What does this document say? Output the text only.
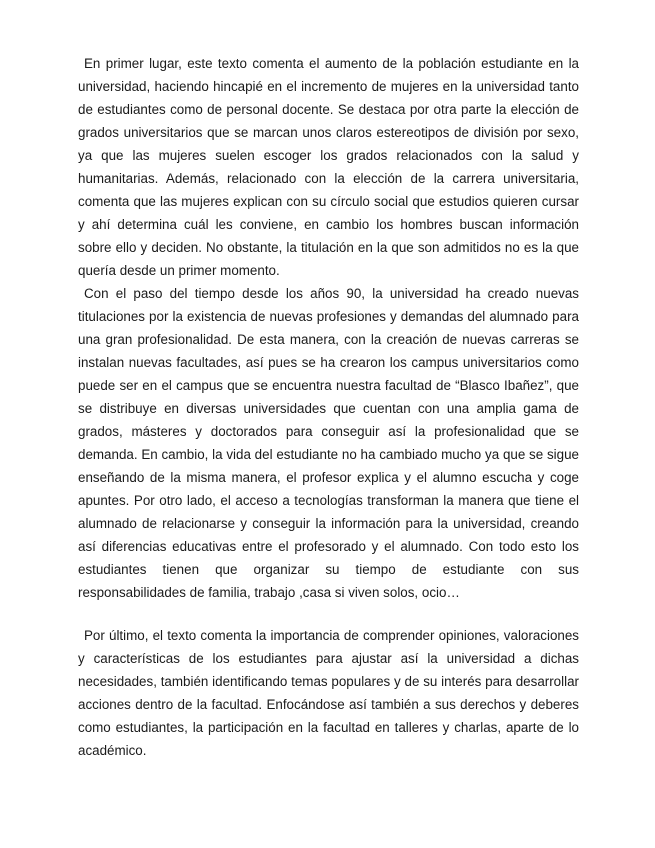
En primer lugar, este texto comenta el aumento de la población estudiante en la universidad, haciendo hincapié en el incremento de mujeres en la universidad tanto de estudiantes como de personal docente. Se destaca por otra parte la elección de grados universitarios que se marcan unos claros estereotipos de división por sexo, ya que las mujeres suelen escoger los grados relacionados con la salud y humanitarias. Además, relacionado con la elección de la carrera universitaria, comenta que las mujeres explican con su círculo social que estudios quieren cursar y ahí determina cuál les conviene, en cambio los hombres buscan información sobre ello y deciden. No obstante, la titulación en la que son admitidos no es la que quería desde un primer momento.

Con el paso del tiempo desde los años 90, la universidad ha creado nuevas titulaciones por la existencia de nuevas profesiones y demandas del alumnado para una gran profesionalidad. De esta manera, con la creación de nuevas carreras se instalan nuevas facultades, así pues se ha crearon los campus universitarios como puede ser en el campus que se encuentra nuestra facultad de “Blasco Ibañez”, que se distribuye en diversas universidades que cuentan con una amplia gama de grados, másteres y doctorados para conseguir así la profesionalidad que se demanda. En cambio, la vida del estudiante no ha cambiado mucho ya que se sigue enseñando de la misma manera, el profesor explica y el alumno escucha y coge apuntes. Por otro lado, el acceso a tecnologías transforman la manera que tiene el alumnado de relacionarse y conseguir la información para la universidad, creando así diferencias educativas entre el profesorado y el alumnado. Con todo esto los estudiantes tienen que organizar su tiempo de estudiante con sus responsabilidades de familia, trabajo ,casa si viven solos, ocio…

Por último, el texto comenta la importancia de comprender opiniones, valoraciones y características de los estudiantes para ajustar así la universidad a dichas necesidades, también identificando temas populares y de su interés para desarrollar acciones dentro de la facultad. Enfocándose así también a sus derechos y deberes como estudiantes, la participación en la facultad en talleres y charlas, aparte de lo académico.
